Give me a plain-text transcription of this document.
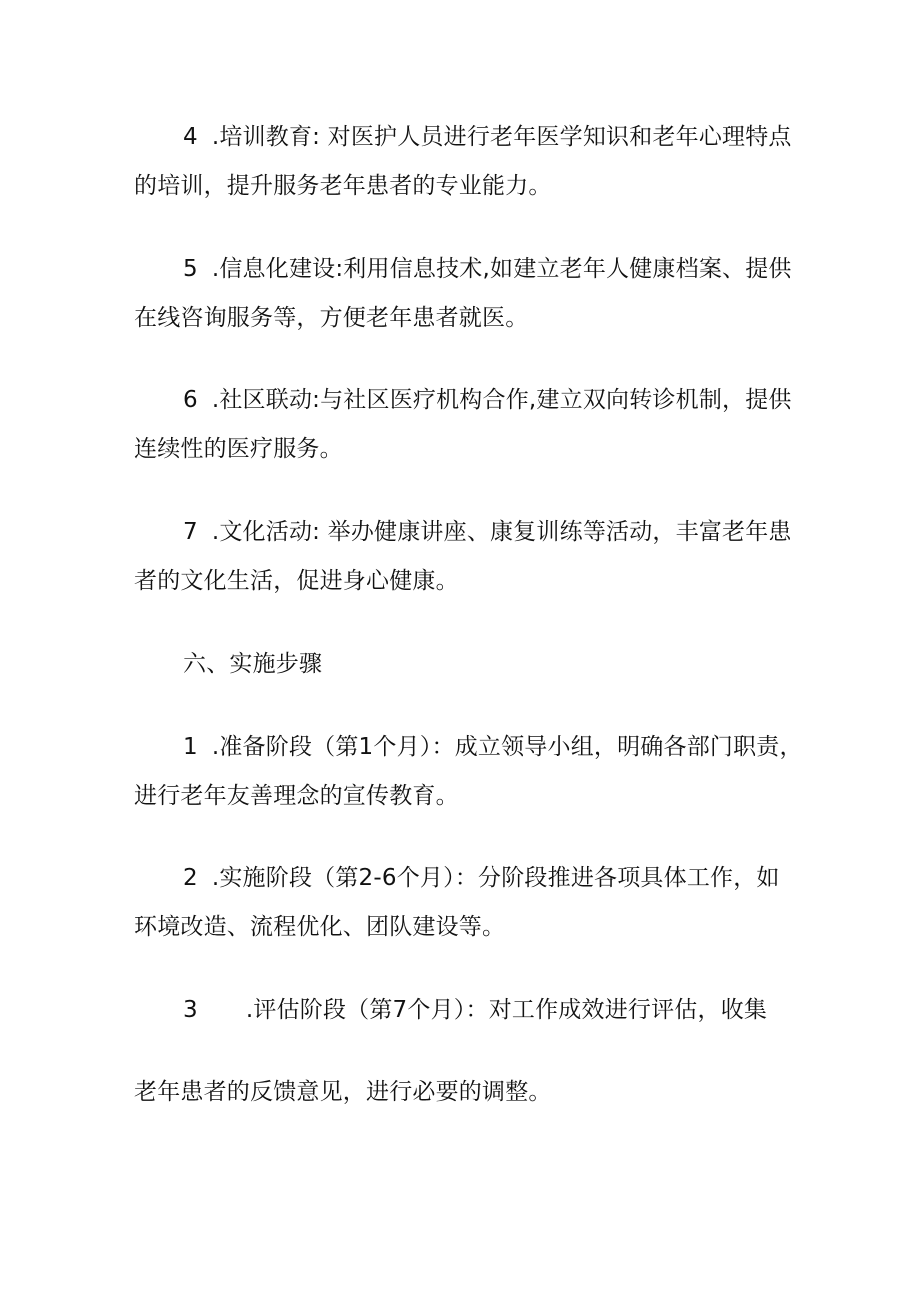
4 .培训教育: 对医护人员进行老年医学知识和老年心理特点
的培训，提升服务老年患者的专业能力。
5 .信息化建设:利用信息技术,如建立老年人健康档案、提供
在线咨询服务等，方便老年患者就医。
6 .社区联动:与社区医疗机构合作,建立双向转诊机制，提供
连续性的医疗服务。
7 .文化活动: 举办健康讲座、康复训练等活动，丰富老年患
者的文化生活，促进身心健康。
六、实施步骤
1 .准备阶段（第1个月）：成立领导小组，明确各部门职责，
进行老年友善理念的宣传教育。
2 .实施阶段（第2-6个月）：分阶段推进各项具体工作，如
环境改造、流程优化、团队建设等。
3 .评估阶段（第7个月）：对工作成效进行评估，收集
老年患者的反馈意见，进行必要的调整。
